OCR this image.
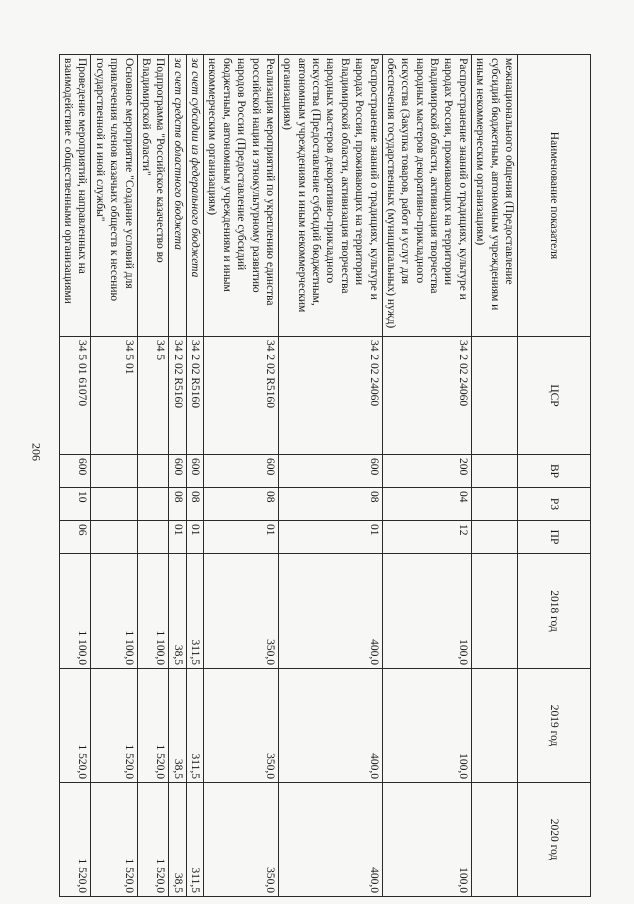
206
Наименование показателя	ЦСР	ВР	РЗ	ПР	2018 год	2019 год	2020 год
межнационального общения (Предоставление субсидий бюджетным, автономным учреждениям и иным некоммерческим организациям)							
Распространение знаний о традициях, культуре и народах России, проживающих на территории Владимирской области, активизация творчества народных мастеров декоративно-прикладного искусства (Закупка товаров, работ и услуг для обеспечения государственных (муниципальных) нужд)	34 2 02 24060	200	04	12	100,0	100,0	100,0
Распространение знаний о традициях, культуре и народах России, проживающих на территории Владимирской области, активизация творчества народных мастеров декоративно-прикладного искусства (Предоставление субсидий бюджетным, автономным учреждениям и иным некоммерческим организациям)	34 2 02 24060	600	08	01	400,0	400,0	400,0
Реализация мероприятий по укреплению единства российской нации и этнокультурному развитию народов России (Предоставление субсидий бюджетным, автономным учреждениям и иным некоммерческим организациям)	34 2 02 R5160	600	08	01	350,0	350,0	350,0
за счет субсидии из федерального бюджета	34 2 02 R5160	600	08	01	311,5	311,5	311,5
за счет средств областного бюджета	34 2 02 R5160	600	08	01	38,5	38,5	38,5
Подпрограмма "Российское казачество во Владимирской области"	34 5				1 100,0	1 520,0	1 520,0
Основное мероприятие "Создание условий для привлечения членов казачьих обществ к несению государственной и иной службы"	34 5 01				1 100,0	1 520,0	1 520,0
Проведение мероприятий, направленных на взаимодействие с общественными организациями	34 5 01 61070	600	10	06	1 100,0	1 520,0	1 520,0
